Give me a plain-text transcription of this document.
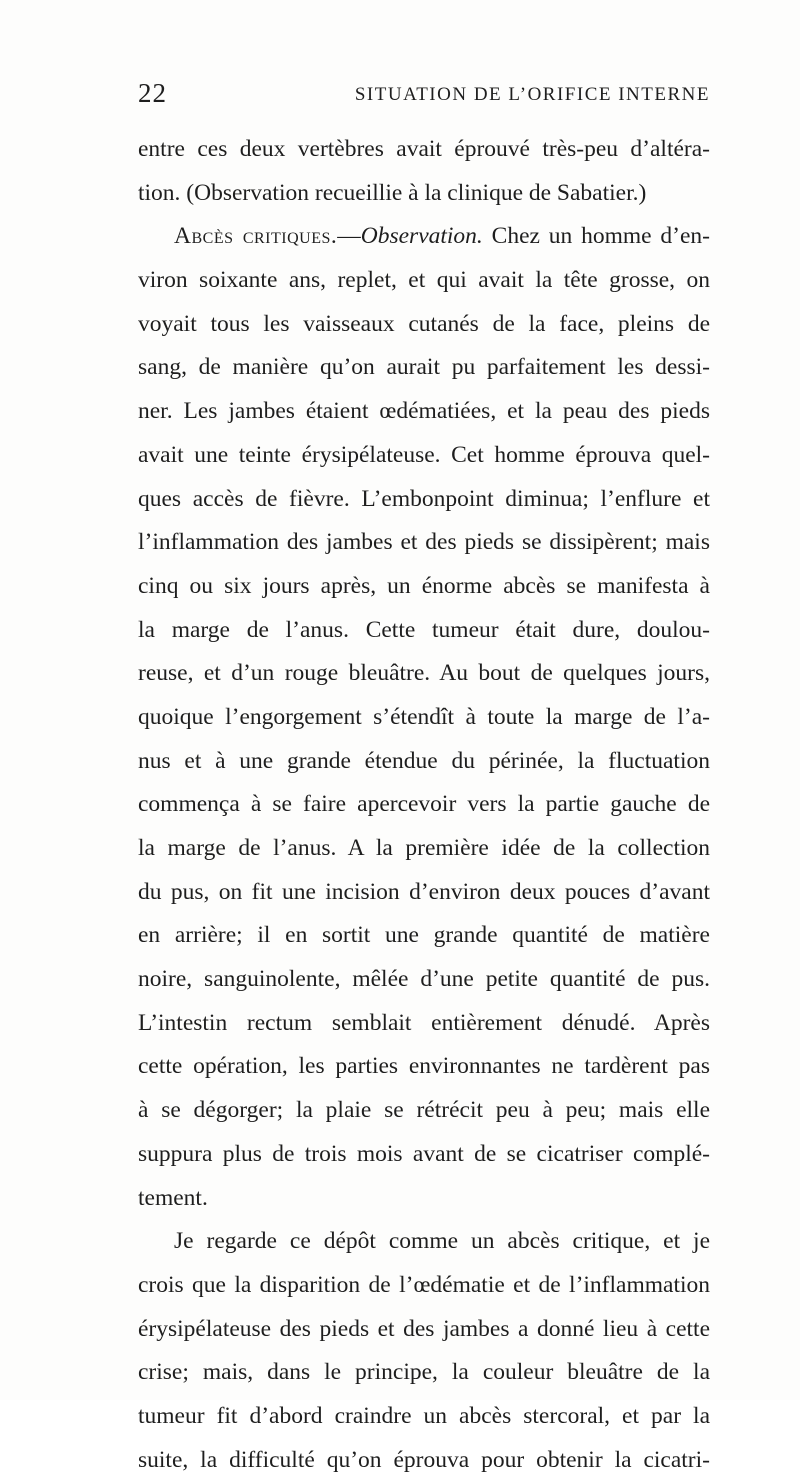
22	SITUATION DE L’ORIFICE INTERNE
entre ces deux vertèbres avait éprouvé très-peu d’altéra-
tion. (Observation recueillie à la clinique de Sabatier.)
Abcès critiques.—Observation. Chez un homme d’en-
viron soixante ans, replet, et qui avait la tête grosse, on
voyait tous les vaisseaux cutanés de la face, pleins de
sang, de manière qu’on aurait pu parfaitement les dessi-
ner. Les jambes étaient œdématiées, et la peau des pieds
avait une teinte érysipélateuse. Cet homme éprouva quel-
ques accès de fièvre. L’embonpoint diminua; l’enflure et
l’inflammation des jambes et des pieds se dissipèrent; mais
cinq ou six jours après, un énorme abcès se manifesta à
la marge de l’anus. Cette tumeur était dure, doulou-
reuse, et d’un rouge bleuâtre. Au bout de quelques jours,
quoique l’engorgement s’étendît à toute la marge de l’a-
nus et à une grande étendue du périnée, la fluctuation
commença à se faire apercevoir vers la partie gauche de
la marge de l’anus. A la première idée de la collection
du pus, on fit une incision d’environ deux pouces d’avant
en arrière; il en sortit une grande quantité de matière
noire, sanguinolente, mêlée d’une petite quantité de pus.
L’intestin rectum semblait entièrement dénudé. Après
cette opération, les parties environnantes ne tardèrent pas
à se dégorger; la plaie se rétrécit peu à peu; mais elle
suppura plus de trois mois avant de se cicatriser complé-
tement.
Je regarde ce dépôt comme un abcès critique, et je
crois que la disparition de l’œdématie et de l’inflammation
érysipélateuse des pieds et des jambes a donné lieu à cette
crise; mais, dans le principe, la couleur bleuâtre de la
tumeur fit d’abord craindre un abcès stercoral, et par la
suite, la difficulté qu’on éprouva pour obtenir la cicatri-
